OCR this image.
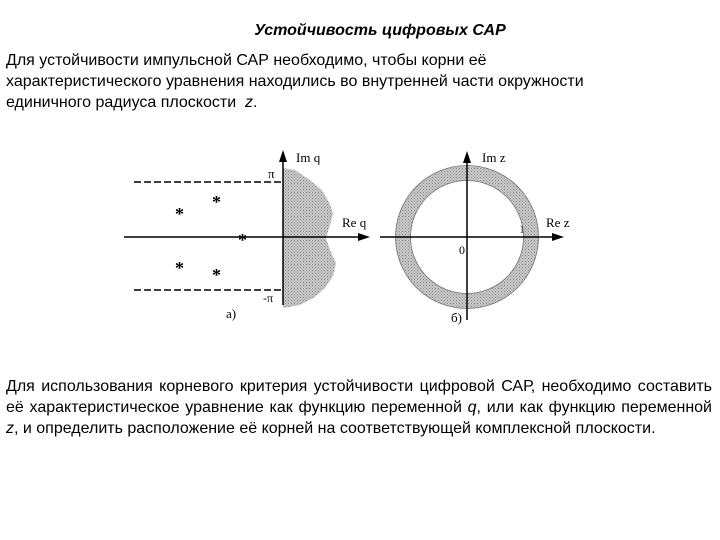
Устойчивость цифровых САР
Для устойчивости импульсной САР необходимо, чтобы корни её
характеристического уравнения находились во внутренней части окружности
единичного радиуса плоскости z.
Im q
Re q
π
-π
*
*
*
* *
а)
Im z
Re z
0
1
б)
Для использования корневого критерия устойчивости цифровой САР, необходимо составить её характеристическое уравнение как функцию переменной q, или как функцию переменной z, и определить расположение её корней на соответствующей комплексной плоскости.
